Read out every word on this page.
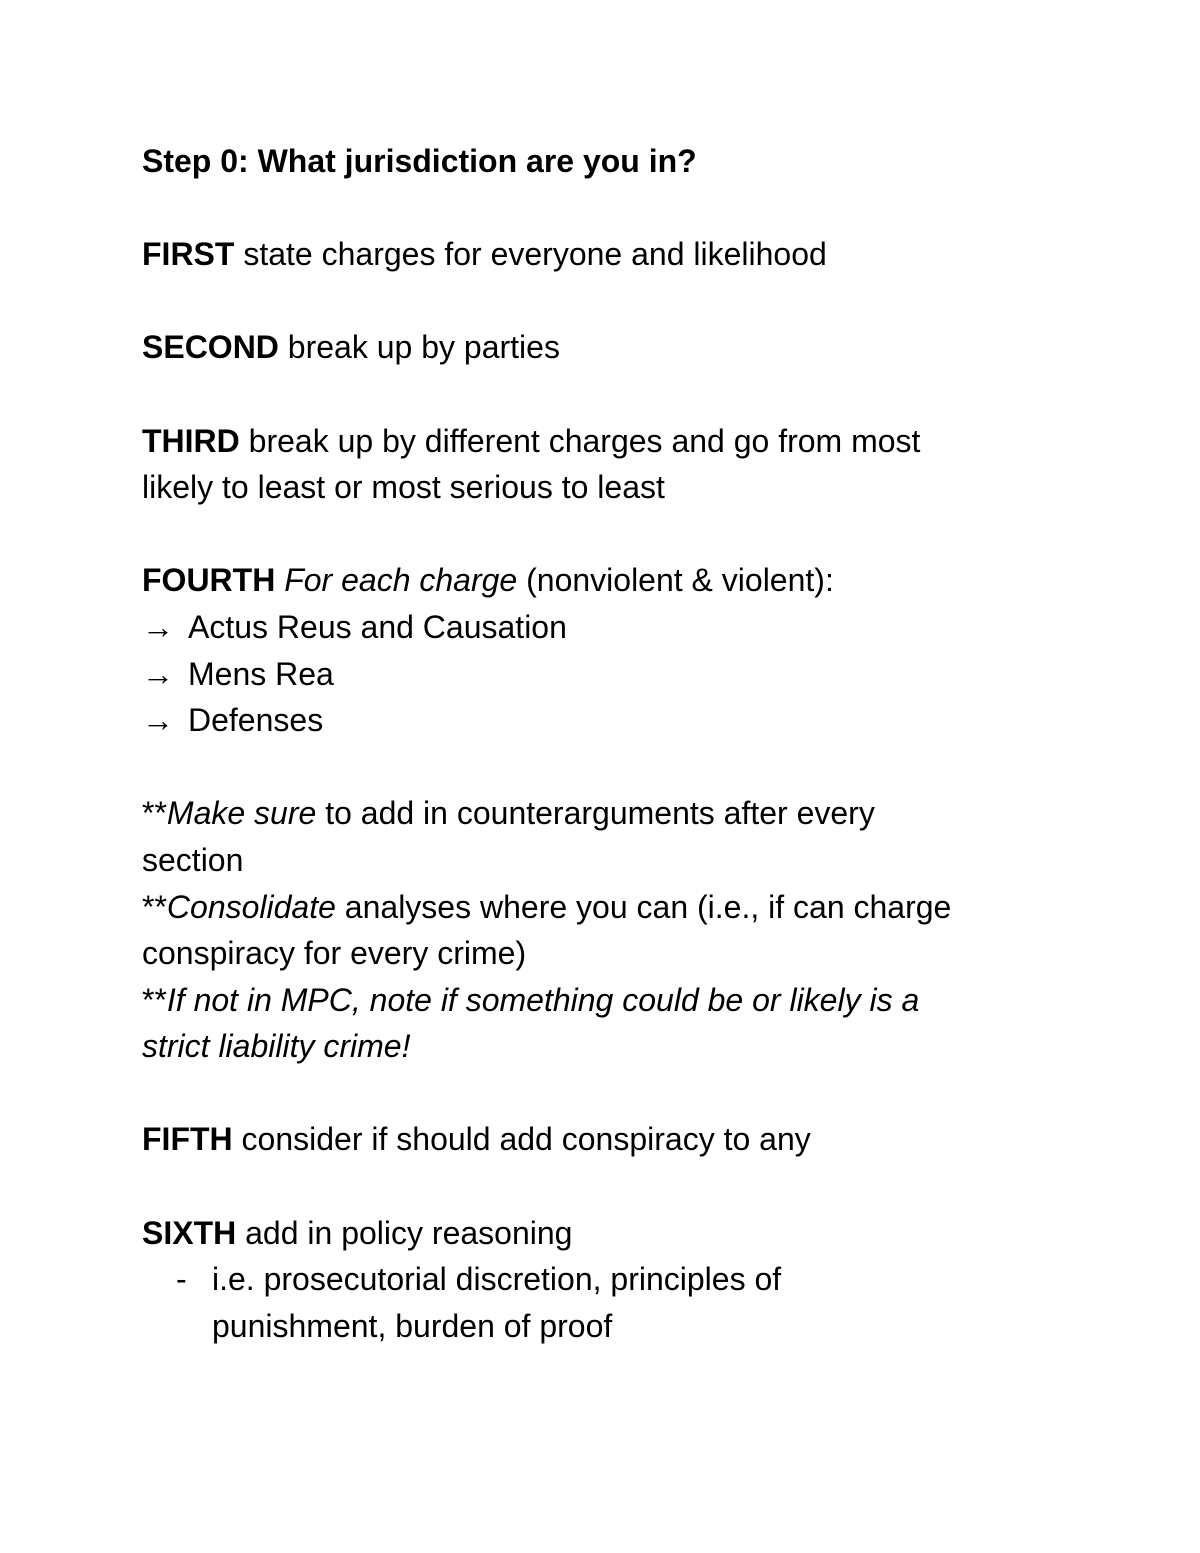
Step 0: What jurisdiction are you in?

FIRST state charges for everyone and likelihood

SECOND break up by parties

THIRD break up by different charges and go from most
likely to least or most serious to least

FOURTH For each charge (nonviolent & violent):

→ Actus Reus and Causation
→ Mens Rea
→ Defenses

**Make sure to add in counterarguments after every
section

**Consolidate analyses where you can (i.e., if can charge
conspiracy for every crime)

**If not in MPC, note if something could be or likely is a
strict liability crime!

FIFTH consider if should add conspiracy to any

SIXTH add in policy reasoning

- i.e. prosecutorial discretion, principles of
punishment, burden of proof
